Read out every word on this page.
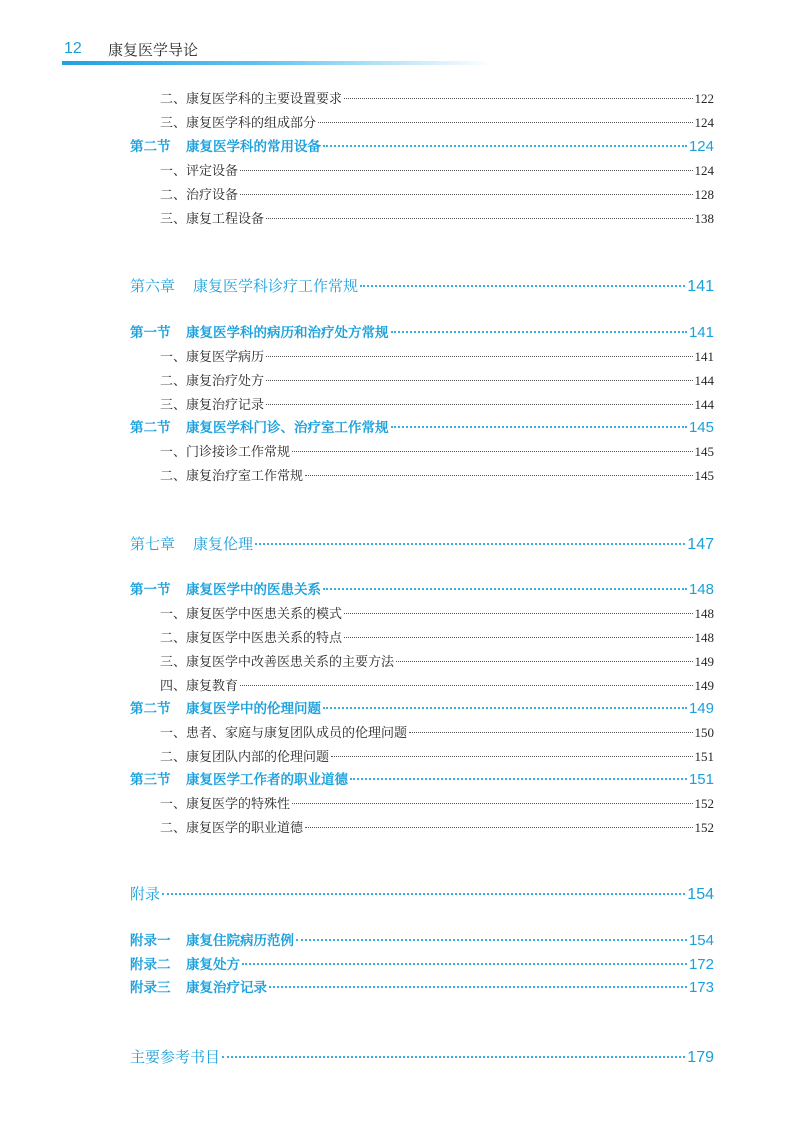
12	康复医学导论
二、康复医学科的主要设置要求	122
三、康复医学科的组成部分	124
第二节 康复医学科的常用设备	124
一、评定设备	124
二、治疗设备	128
三、康复工程设备	138
第六章 康复医学科诊疗工作常规	141
第一节 康复医学科的病历和治疗处方常规	141
一、康复医学病历	141
二、康复治疗处方	144
三、康复治疗记录	144
第二节 康复医学科门诊、治疗室工作常规	145
一、门诊接诊工作常规	145
二、康复治疗室工作常规	145
第七章 康复伦理	147
第一节 康复医学中的医患关系	148
一、康复医学中医患关系的模式	148
二、康复医学中医患关系的特点	148
三、康复医学中改善医患关系的主要方法	149
四、康复教育	149
第二节 康复医学中的伦理问题	149
一、患者、家庭与康复团队成员的伦理问题	150
二、康复团队内部的伦理问题	151
第三节 康复医学工作者的职业道德	151
一、康复医学的特殊性	152
二、康复医学的职业道德	152
附录	154
附录一 康复住院病历范例	154
附录二 康复处方	172
附录三 康复治疗记录	173
主要参考书目	179
